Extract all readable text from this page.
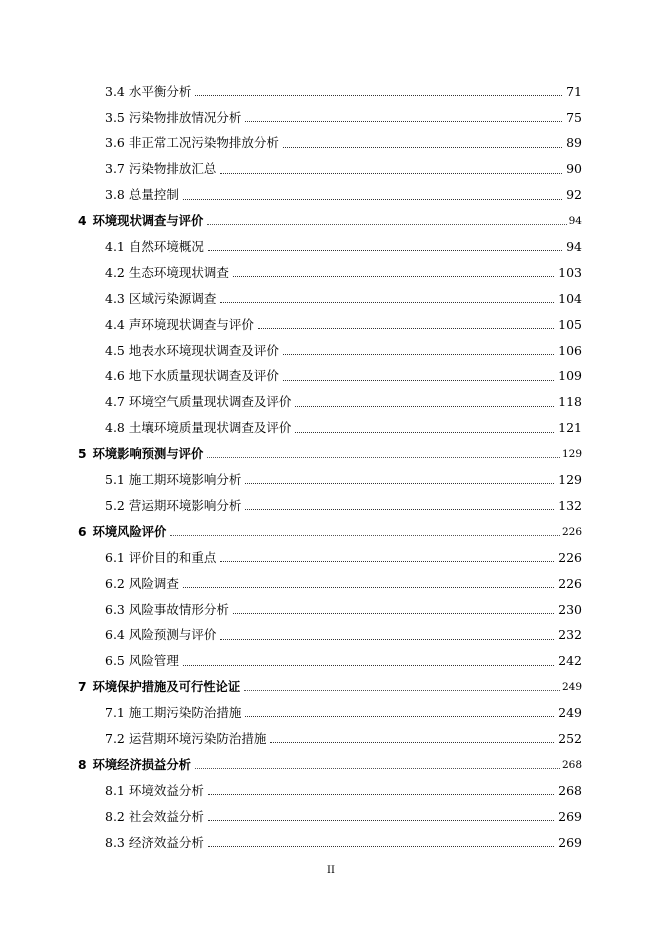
3.4 水平衡分析	71
3.5 污染物排放情况分析	75
3.6 非正常工况污染物排放分析	89
3.7 污染物排放汇总	90
3.8 总量控制	92
4 环境现状调查与评价	94
4.1 自然环境概况	94
4.2 生态环境现状调查	103
4.3 区域污染源调查	104
4.4 声环境现状调查与评价	105
4.5 地表水环境现状调查及评价	106
4.6 地下水质量现状调查及评价	109
4.7 环境空气质量现状调查及评价	118
4.8 土壤环境质量现状调查及评价	121
5 环境影响预测与评价	129
5.1 施工期环境影响分析	129
5.2 营运期环境影响分析	132
6 环境风险评价	226
6.1 评价目的和重点	226
6.2 风险调查	226
6.3 风险事故情形分析	230
6.4 风险预测与评价	232
6.5 风险管理	242
7 环境保护措施及可行性论证	249
7.1 施工期污染防治措施	249
7.2 运营期环境污染防治措施	252
8 环境经济损益分析	268
8.1 环境效益分析	268
8.2 社会效益分析	269
8.3 经济效益分析	269
II
